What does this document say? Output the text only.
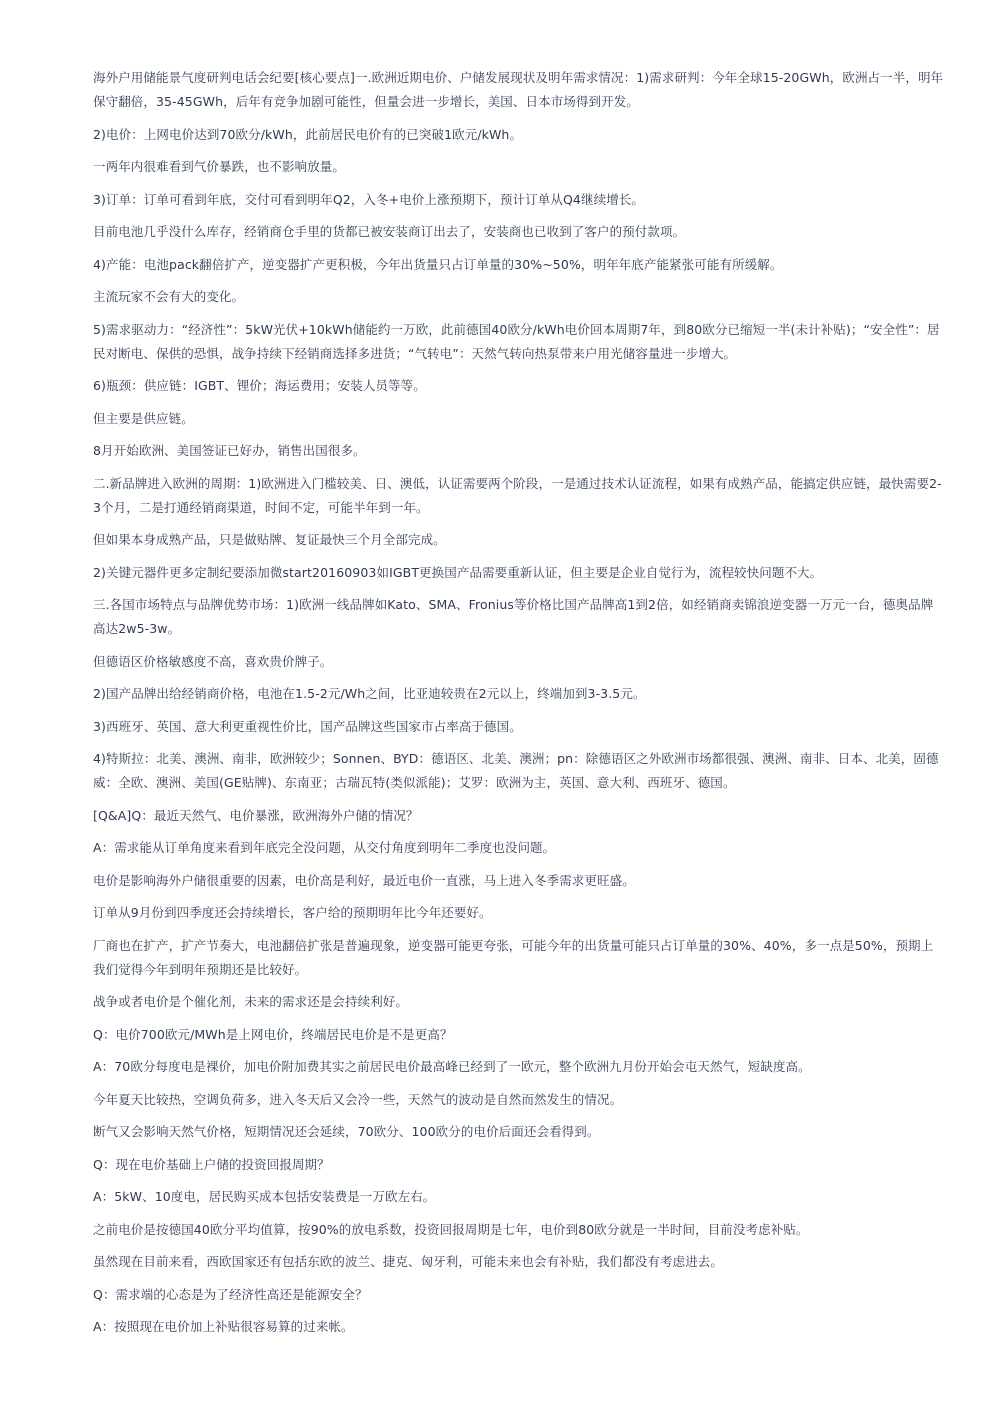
海外户用储能景气度研判电话会纪要[核心要点]一.欧洲近期电价、户储发展现状及明年需求情况：1)需求研判：今年全球15-20GWh，欧洲占一半，明年保守翻倍，35-45GWh，后年有竞争加剧可能性，但量会进一步增长，美国、日本市场得到开发。

2)电价：上网电价达到70欧分/kWh，此前居民电价有的已突破1欧元/kWh。

一两年内很难看到气价暴跌，也不影响放量。

3)订单：订单可看到年底，交付可看到明年Q2，入冬+电价上涨预期下，预计订单从Q4继续增长。

目前电池几乎没什么库存，经销商仓手里的货都已被安装商订出去了，安装商也已收到了客户的预付款项。

4)产能：电池pack翻倍扩产，逆变器扩产更积极，今年出货量只占订单量的30%~50%，明年年底产能紧张可能有所缓解。

主流玩家不会有大的变化。

5)需求驱动力：“经济性”：5kW光伏+10kWh储能约一万欧，此前德国40欧分/kWh电价回本周期7年，到80欧分已缩短一半(未计补贴)；“安全性”：居民对断电、保供的恐惧，战争持续下经销商选择多进货；“气转电”：天然气转向热泵带来户用光储容量进一步增大。

6)瓶颈：供应链：IGBT、锂价；海运费用；安装人员等等。

但主要是供应链。

8月开始欧洲、美国签证已好办，销售出国很多。

二.新品牌进入欧洲的周期：1)欧洲进入门槛较美、日、澳低，认证需要两个阶段，一是通过技术认证流程，如果有成熟产品，能搞定供应链，最快需要2-3个月，二是打通经销商渠道，时间不定，可能半年到一年。

但如果本身成熟产品，只是做贴牌、复证最快三个月全部完成。

2)关键元器件更多定制纪要添加微start20160903如IGBT更换国产品需要重新认证，但主要是企业自觉行为，流程较快问题不大。

三.各国市场特点与品牌优势市场：1)欧洲一线品牌如Kato、SMA、Fronius等价格比国产品牌高1到2倍，如经销商卖锦浪逆变器一万元一台，德奥品牌高达2w5-3w。

但德语区价格敏感度不高，喜欢贵价牌子。

2)国产品牌出给经销商价格，电池在1.5-2元/Wh之间，比亚迪较贵在2元以上，终端加到3-3.5元。

3)西班牙、英国、意大利更重视性价比，国产品牌这些国家市占率高于德国。

4)特斯拉：北美、澳洲、南非，欧洲较少；Sonnen、BYD：德语区、北美、澳洲；pn：除德语区之外欧洲市场都很强、澳洲、南非、日本、北美，固德威：全欧、澳洲、美国(GE贴牌)、东南亚；古瑞瓦特(类似派能)；艾罗：欧洲为主，英国、意大利、西班牙、德国。

[Q&A]Q：最近天然气、电价暴涨，欧洲海外户储的情况？

A：需求能从订单角度来看到年底完全没问题，从交付角度到明年二季度也没问题。

电价是影响海外户储很重要的因素，电价高是利好，最近电价一直涨，马上进入冬季需求更旺盛。

订单从9月份到四季度还会持续增长，客户给的预期明年比今年还要好。

厂商也在扩产，扩产节奏大，电池翻倍扩张是普遍现象，逆变器可能更夸张，可能今年的出货量可能只占订单量的30%、40%，多一点是50%，预期上我们觉得今年到明年预期还是比较好。

战争或者电价是个催化剂，未来的需求还是会持续利好。

Q：电价700欧元/MWh是上网电价，终端居民电价是不是更高？

A：70欧分每度电是裸价，加电价附加费其实之前居民电价最高峰已经到了一欧元，整个欧洲九月份开始会屯天然气，短缺度高。

今年夏天比较热，空调负荷多，进入冬天后又会冷一些，天然气的波动是自然而然发生的情况。

断气又会影响天然气价格，短期情况还会延续，70欧分、100欧分的电价后面还会看得到。

Q：现在电价基础上户储的投资回报周期？

A：5kW、10度电，居民购买成本包括安装费是一万欧左右。

之前电价是按德国40欧分平均值算，按90%的放电系数，投资回报周期是七年，电价到80欧分就是一半时间，目前没考虑补贴。

虽然现在目前来看，西欧国家还有包括东欧的波兰、捷克、匈牙利，可能未来也会有补贴，我们都没有考虑进去。

Q：需求端的心态是为了经济性高还是能源安全？

A：按照现在电价加上补贴很容易算的过来帐。
